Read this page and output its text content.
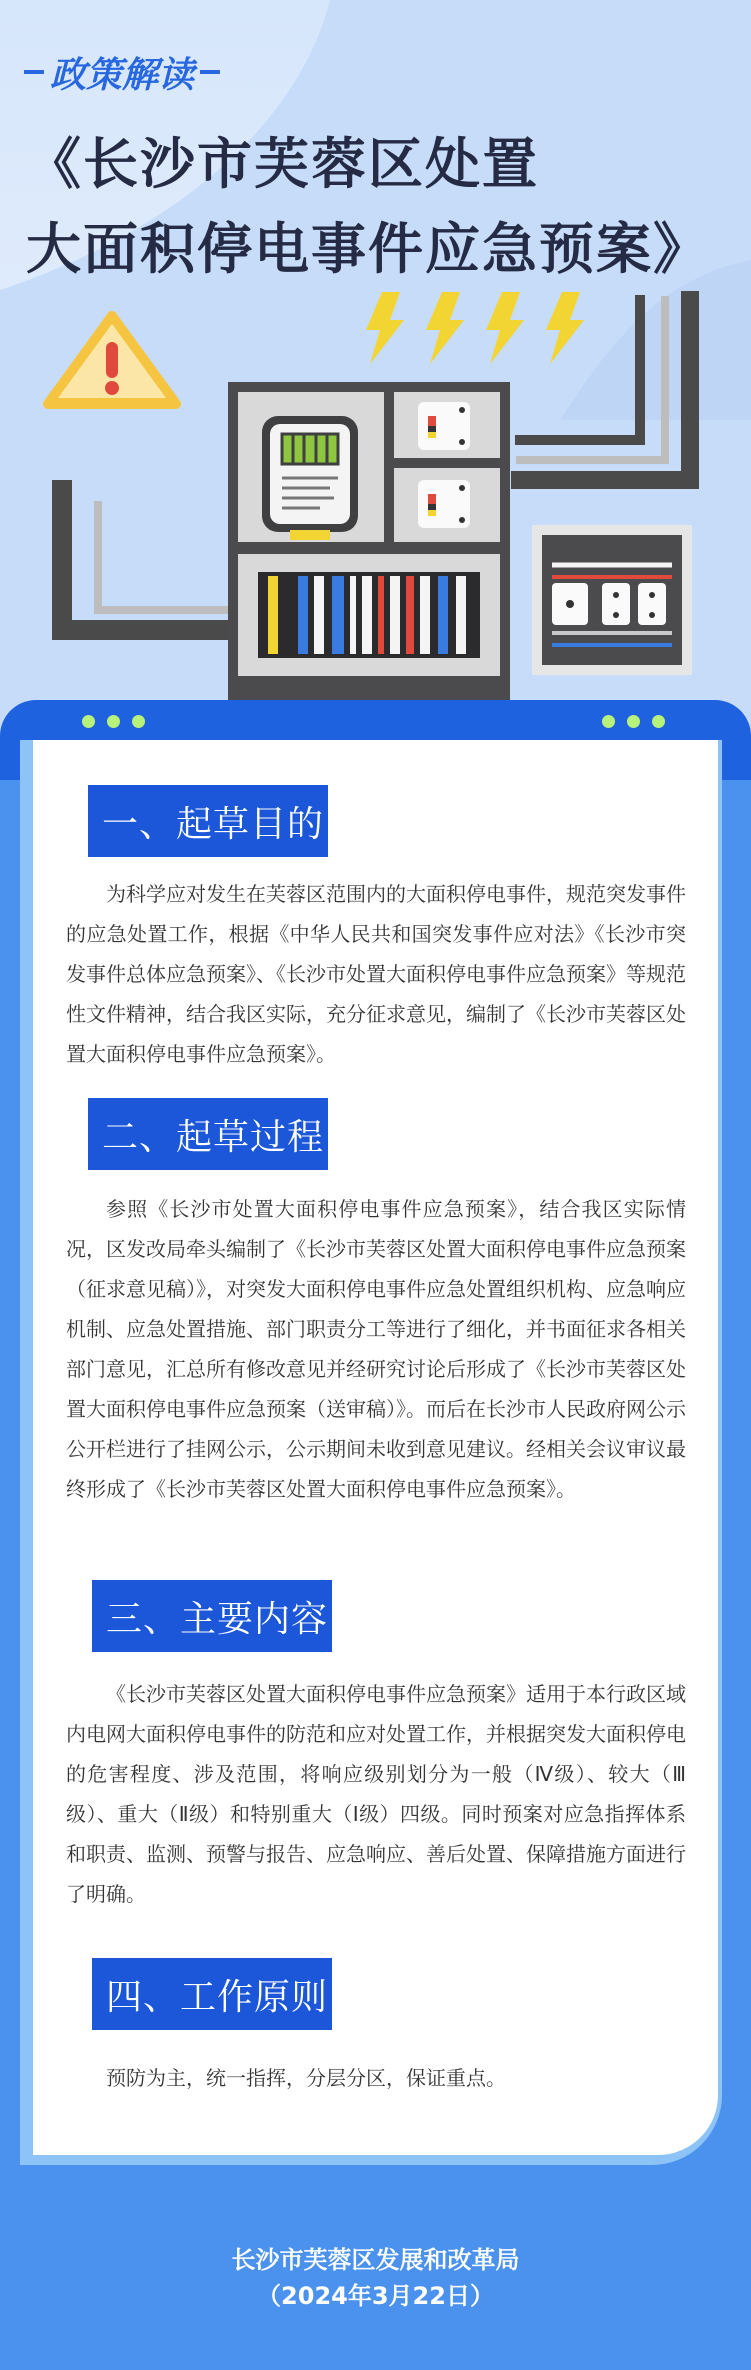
政策解读
《长沙市芙蓉区处置
大面积停电事件应急预案》
一、起草目的

为科学应对发生在芙蓉区范围内的大面积停电事件，规范突发事件的应急处置工作，根据《中华人民共和国突发事件应对法》《长沙市突发事件总体应急预案》、《长沙市处置大面积停电事件应急预案》等规范性文件精神，结合我区实际，充分征求意见，编制了《长沙市芙蓉区处置大面积停电事件应急预案》。

二、起草过程

参照《长沙市处置大面积停电事件应急预案》，结合我区实际情况，区发改局牵头编制了《长沙市芙蓉区处置大面积停电事件应急预案（征求意见稿）》，对突发大面积停电事件应急处置组织机构、应急响应机制、应急处置措施、部门职责分工等进行了细化，并书面征求各相关部门意见，汇总所有修改意见并经研究讨论后形成了《长沙市芙蓉区处置大面积停电事件应急预案（送审稿）》。而后在长沙市人民政府网公示公开栏进行了挂网公示，公示期间未收到意见建议。经相关会议审议最终形成了《长沙市芙蓉区处置大面积停电事件应急预案》。

三、主要内容

《长沙市芙蓉区处置大面积停电事件应急预案》适用于本行政区域内电网大面积停电事件的防范和应对处置工作，并根据突发大面积停电的危害程度、涉及范围，将响应级别划分为一般（Ⅳ级）、较大（Ⅲ级）、重大（Ⅱ级）和特别重大（Ⅰ级）四级。同时预案对应急指挥体系和职责、监测、预警与报告、应急响应、善后处置、保障措施方面进行了明确。

四、工作原则

预防为主，统一指挥，分层分区，保证重点。

长沙市芙蓉区发展和改革局
（2024年3月22日）
